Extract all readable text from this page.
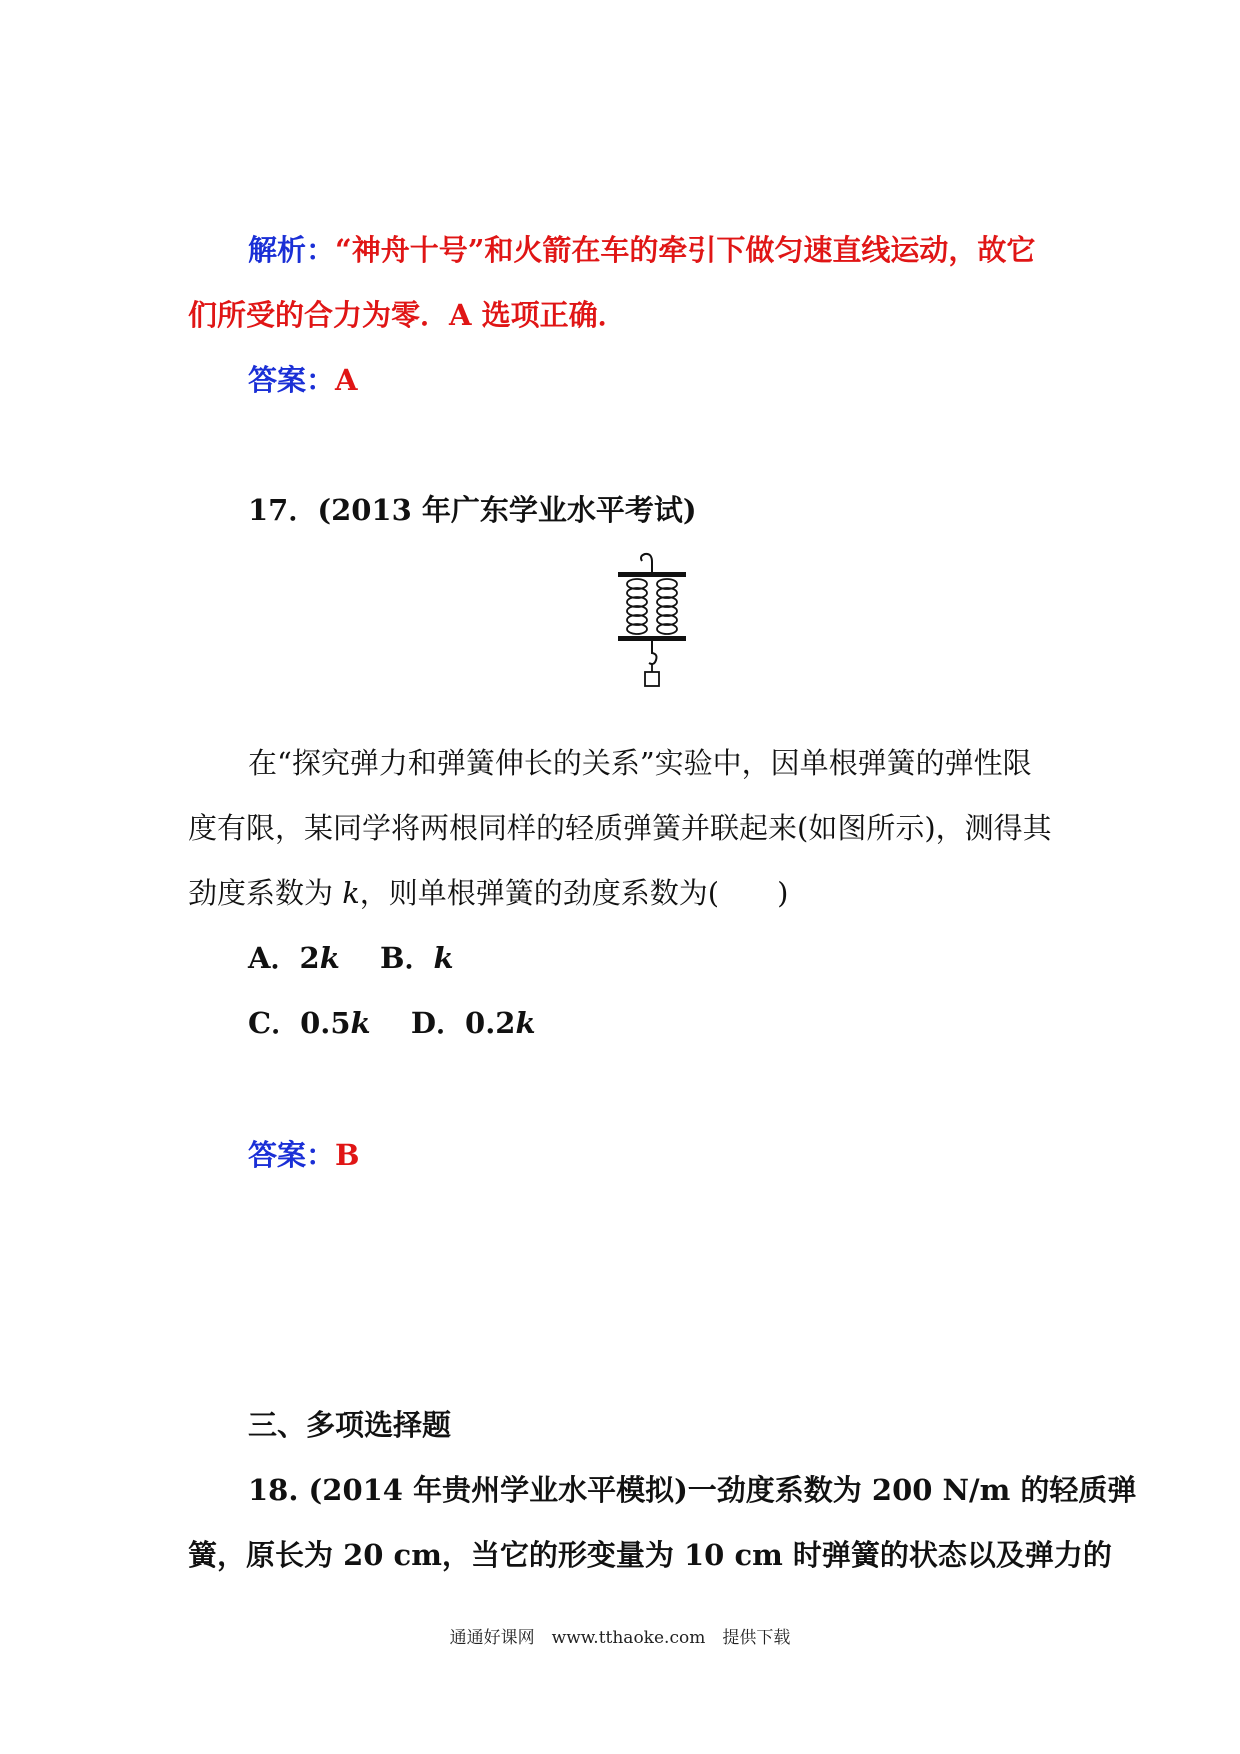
解析：“神舟十号”和火箭在车的牵引下做匀速直线运动，故它
们所受的合力为零．A 选项正确．
答案：A
17．(2013 年广东学业水平考试)
在“探究弹力和弹簧伸长的关系”实验中，因单根弹簧的弹性限
度有限，某同学将两根同样的轻质弹簧并联起来(如图所示)，测得其
劲度系数为 k，则单根弹簧的劲度系数为(　　)
A．2k B．k
C．0.5k D．0.2k
答案：B
三、多项选择题
18. (2014 年贵州学业水平模拟)一劲度系数为 200 N/m 的轻质弹
簧，原长为 20 cm，当它的形变量为 10 cm 时弹簧的状态以及弹力的
通通好课网　www.tthaoke.com　提供下载
